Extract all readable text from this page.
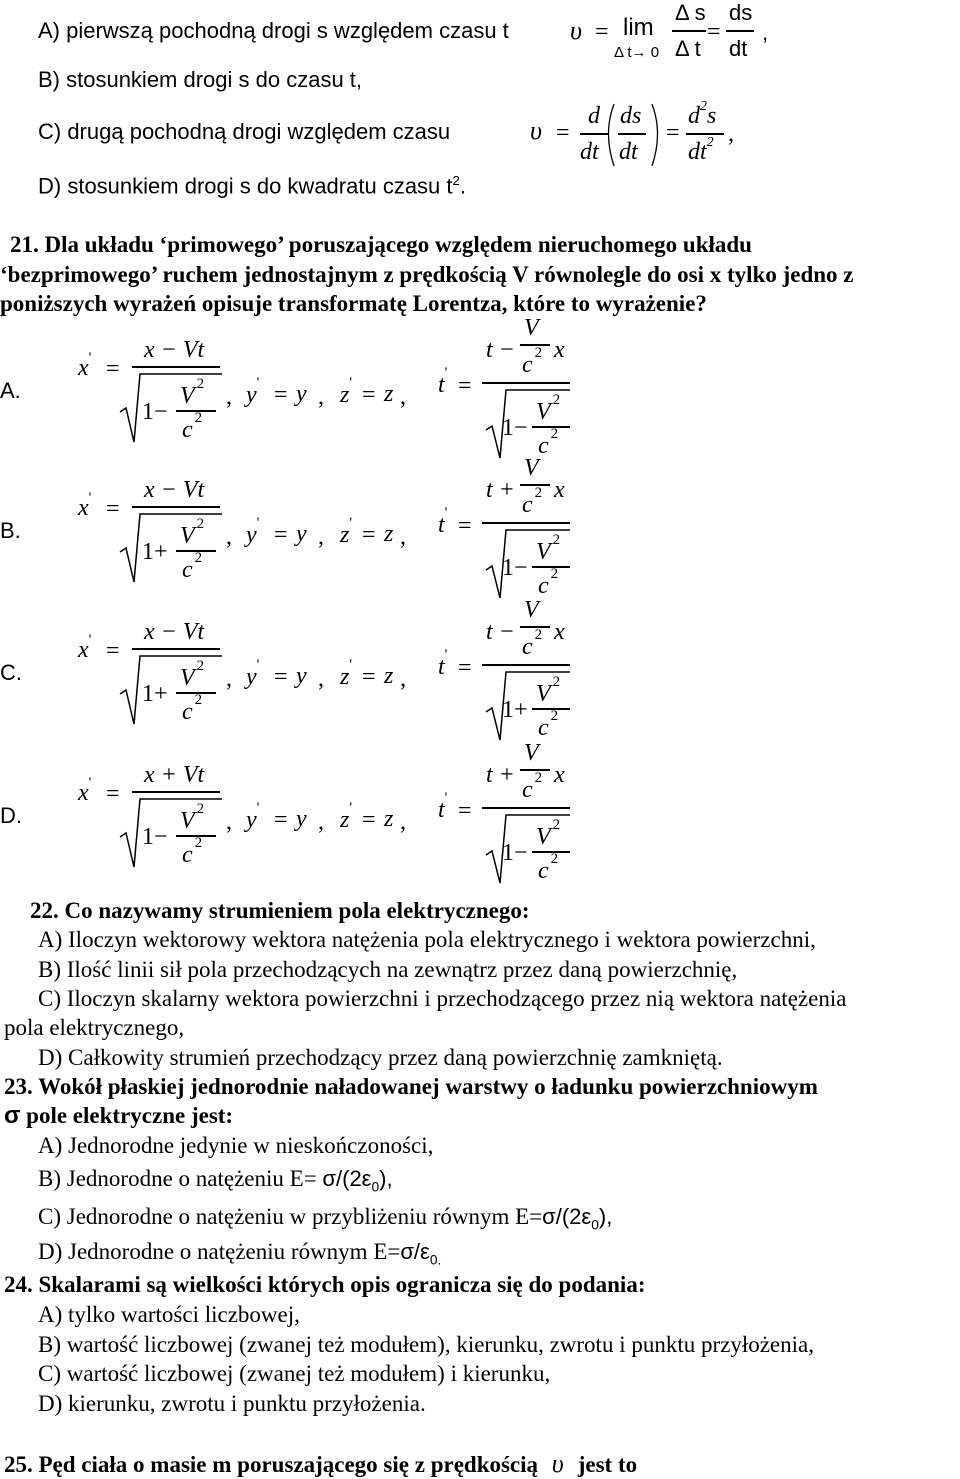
A) pierwszą pochodną drogi s względem czasu t
B) stosunkiem drogi s do czasu t,
C) drugą pochodną drogi względem czasu
D) stosunkiem drogi s do kwadratu czasu $t^2$.
υ = lim
Δ t→ 0
Δ s
Δ t
=
ds
dt
,
υ =
d
dt
ds
dt
=
$d^2s$
$dt^2$ ,
21. Dla układu ‘primowego’ poruszającego względem nieruchomego układu
‘bezprimowego’ ruchem jednostajnym z prędkością V równolegle do osi x tylko jedno z
poniższych wyrażeń opisuje transformatę Lorentza, które to wyrażenie?
A.
x' =
x − Vt
1−
V $^2$
c $^2$
, y' = y , z' = z , t' =
V
t −
c $^2$ x
1−
V $^2$
c $^2$
B.
x' =
x − Vt
1+
V $^2$
c $^2$
, y' = y , z' = z , t' =
V
t +
c $^2$ x
1−
V $^2$
c $^2$
C.
x' =
x − Vt
1+
V $^2$
c $^2$
, y' = y , z' = z , t' =
V
t −
c $^2$ x
1+
V $^2$
c $^2$
D.
x' =
x + Vt
1−
V $^2$
c $^2$
, y' = y , z' = z , t' =
V
t +
c $^2$ x
1−
V $^2$
c $^2$
22. Co nazywamy strumieniem pola elektrycznego:
A) Iloczyn wektorowy wektora natężenia pola elektrycznego i wektora powierzchni,
B) Ilość linii sił pola przechodzących na zewnątrz przez daną powierzchnię,
C) Iloczyn skalarny wektora powierzchni i przechodzącego przez nią wektora natężenia
pola elektrycznego,
D) Całkowity strumień przechodzący przez daną powierzchnię zamkniętą.
23. Wokół płaskiej jednorodnie naładowanej warstwy o ładunku powierzchniowym
σ pole elektryczne jest:
A) Jednorodne jedynie w nieskończoności,
B) Jednorodne o natężeniu $E= \sigma/(2\varepsilon_0)$,
C) Jednorodne o natężeniu w przybliżeniu równym $E=\sigma/(2\varepsilon_0)$,
D) Jednorodne o natężeniu równym $E=\sigma/\varepsilon_{0.}$
24. Skalarami są wielkości których opis ogranicza się do podania:
A) tylko wartości liczbowej,
B) wartość liczbowej (zwanej też modułem), kierunku, zwrotu i punktu przyłożenia,
C) wartość liczbowej (zwanej też modułem) i kierunku,
D) kierunku, zwrotu i punktu przyłożenia.
25. Pęd ciała o masie m poruszającego się z prędkością υ jest to
